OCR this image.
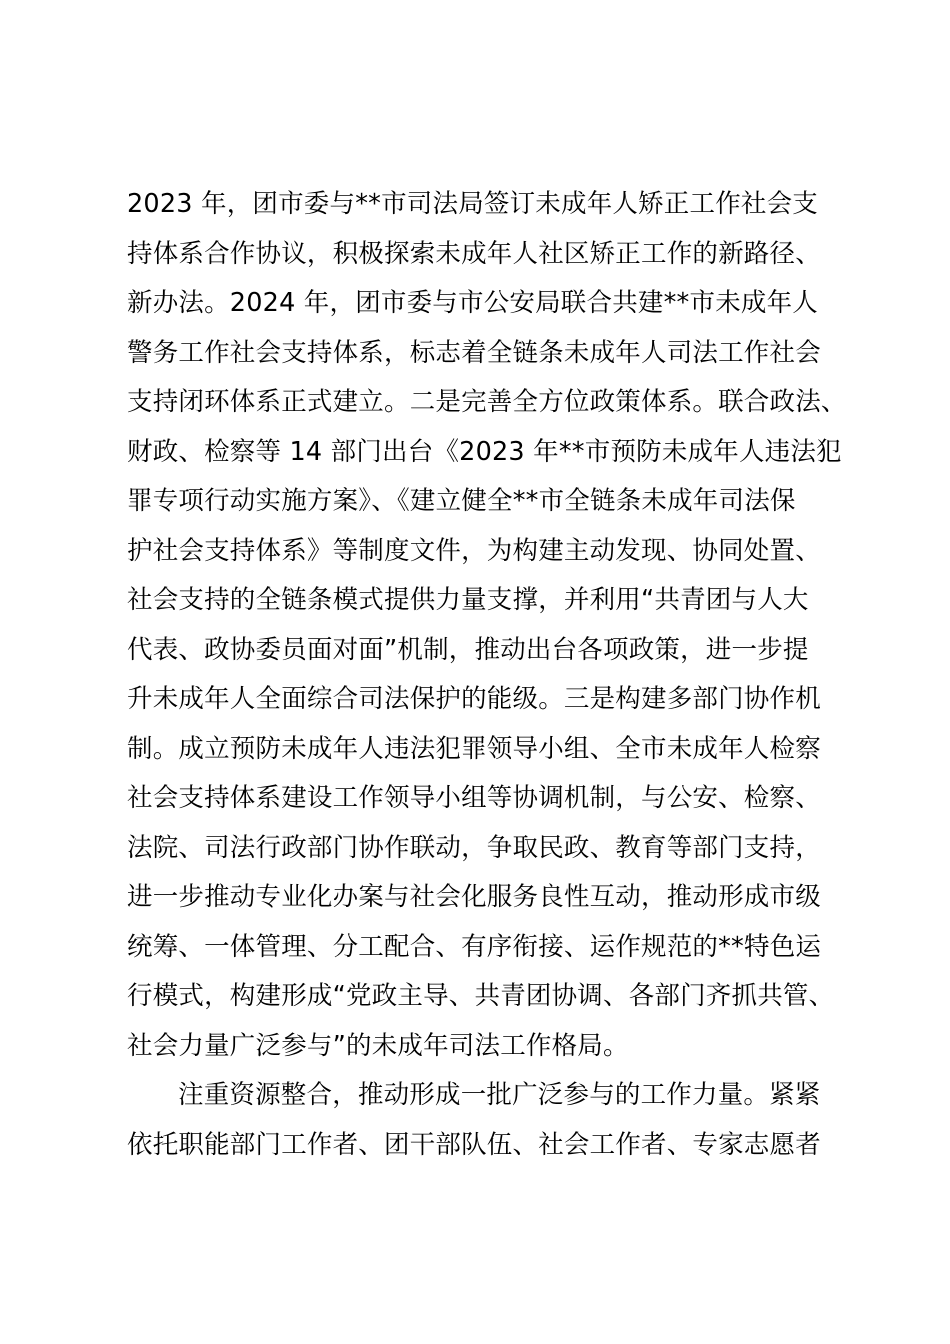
2023 年，团市委与**市司法局签订未成年人矫正工作社会支
持体系合作协议，积极探索未成年人社区矫正工作的新路径、
新办法。2024 年，团市委与市公安局联合共建**市未成年人
警务工作社会支持体系，标志着全链条未成年人司法工作社会
支持闭环体系正式建立。二是完善全方位政策体系。联合政法、
财政、检察等 14 部门出台《2023 年**市预防未成年人违法犯
罪专项行动实施方案》、《建立健全**市全链条未成年司法保
护社会支持体系》等制度文件，为构建主动发现、协同处置、
社会支持的全链条模式提供力量支撑，并利用“共青团与人大
代表、政协委员面对面”机制，推动出台各项政策，进一步提
升未成年人全面综合司法保护的能级。三是构建多部门协作机
制。成立预防未成年人违法犯罪领导小组、全市未成年人检察
社会支持体系建设工作领导小组等协调机制，与公安、检察、
法院、司法行政部门协作联动，争取民政、教育等部门支持，
进一步推动专业化办案与社会化服务良性互动，推动形成市级
统筹、一体管理、分工配合、有序衔接、运作规范的**特色运
行模式，构建形成“党政主导、共青团协调、各部门齐抓共管、
社会力量广泛参与”的未成年司法工作格局。
注重资源整合，推动形成一批广泛参与的工作力量。紧紧
依托职能部门工作者、团干部队伍、社会工作者、专家志愿者
